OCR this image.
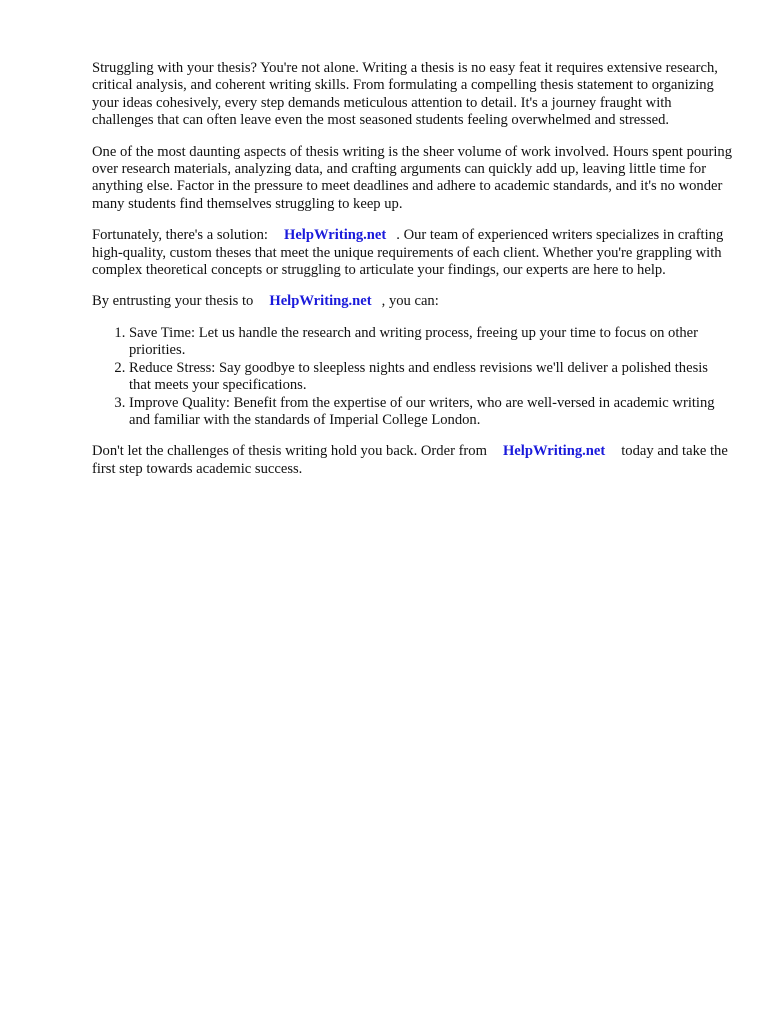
Struggling with your thesis? You're not alone. Writing a thesis is no easy feat it requires extensive research, critical analysis, and coherent writing skills. From formulating a compelling thesis statement to organizing your ideas cohesively, every step demands meticulous attention to detail. It's a journey fraught with challenges that can often leave even the most seasoned students feeling overwhelmed and stressed.

One of the most daunting aspects of thesis writing is the sheer volume of work involved. Hours spent pouring over research materials, analyzing data, and crafting arguments can quickly add up, leaving little time for anything else. Factor in the pressure to meet deadlines and adhere to academic standards, and it's no wonder many students find themselves struggling to keep up.

Fortunately, there's a solution: HelpWriting.net . Our team of experienced writers specializes in crafting high-quality, custom theses that meet the unique requirements of each client. Whether you're grappling with complex theoretical concepts or struggling to articulate your findings, our experts are here to help.

By entrusting your thesis to HelpWriting.net , you can:

1. Save Time: Let us handle the research and writing process, freeing up your time to focus on other priorities.
2. Reduce Stress: Say goodbye to sleepless nights and endless revisions we'll deliver a polished thesis that meets your specifications.
3. Improve Quality: Benefit from the expertise of our writers, who are well-versed in academic writing and familiar with the standards of Imperial College London.

Don't let the challenges of thesis writing hold you back. Order from HelpWriting.net today and take the first step towards academic success.
